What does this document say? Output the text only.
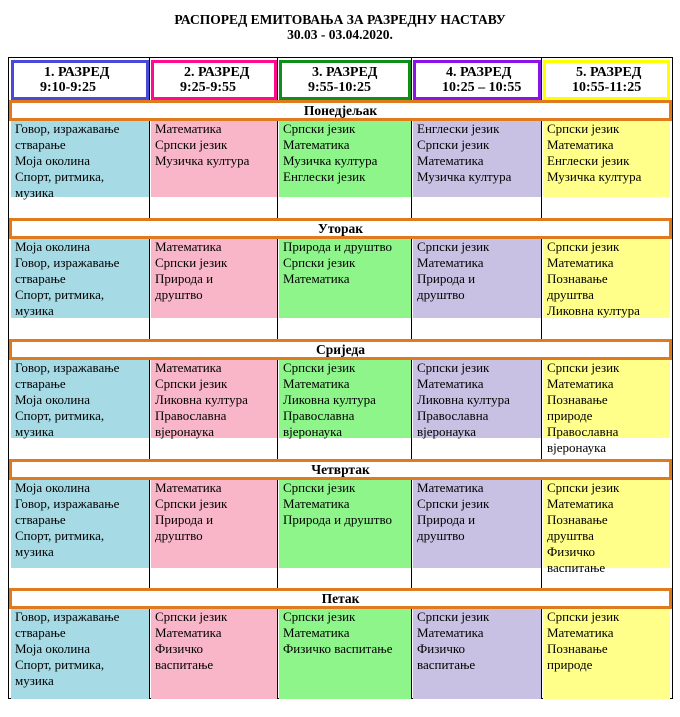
РАСПОРЕД ЕМИТОВАЊА ЗА РАЗРЕДНУ НАСТАВУ
30.03 - 03.04.2020.
1. РАЗРЕД
9:10-9:25
2. РАЗРЕД
9:25-9:55
3. РАЗРЕД
9:55-10:25
4. РАЗРЕД
10:25 – 10:55
5. РАЗРЕД
10:55-11:25
Понедјељак
Говор, изражавање
стварање
Моја околина
Спорт, ритмика,
музика
Математика
Српски језик
Музичка култура
Српски језик
Математика
Музичка култура
Енглески језик
Енглески језик
Српски језик
Математика
Музичка култура
Српски језик
Математика
Енглески језик
Музичка култура
Уторак
Моја околина
Говор, изражавање
стварање
Спорт, ритмика,
музика
Математика
Српски језик
Природа и
друштво
Природа и друштво
Српски језик
Математика
Српски језик
Математика
Природа и
друштво
Српски језик
Математика
Познавање
друштва
Ликовна култура
Сриједа
Говор, изражавање
стварање
Моја околина
Спорт, ритмика,
музика
Математика
Српски језик
Ликовна култура
Православна
вјеронаука
Српски језик
Математика
Ликовна култура
Православна
вјеронаука
Српски језик
Математика
Ликовна култура
Православна
вјеронаука
Српски језик
Математика
Познавање
природе
Православна
вјеронаука
Четвртак
Моја околина
Говор, изражавање
стварање
Спорт, ритмика,
музика
Математика
Српски језик
Природа и
друштво
Српски језик
Математика
Природа и друштво
Математика
Српски језик
Природа и
друштво
Српски језик
Математика
Познавање
друштва
Физичко
васпитање
Петак
Говор, изражавање
стварање
Моја околина
Спорт, ритмика,
музика
Српски језик
Математика
Физичко
васпитање
Српски језик
Математика
Физичко васпитање
Српски језик
Математика
Физичко
васпитање
Српски језик
Математика
Познавање
природе
